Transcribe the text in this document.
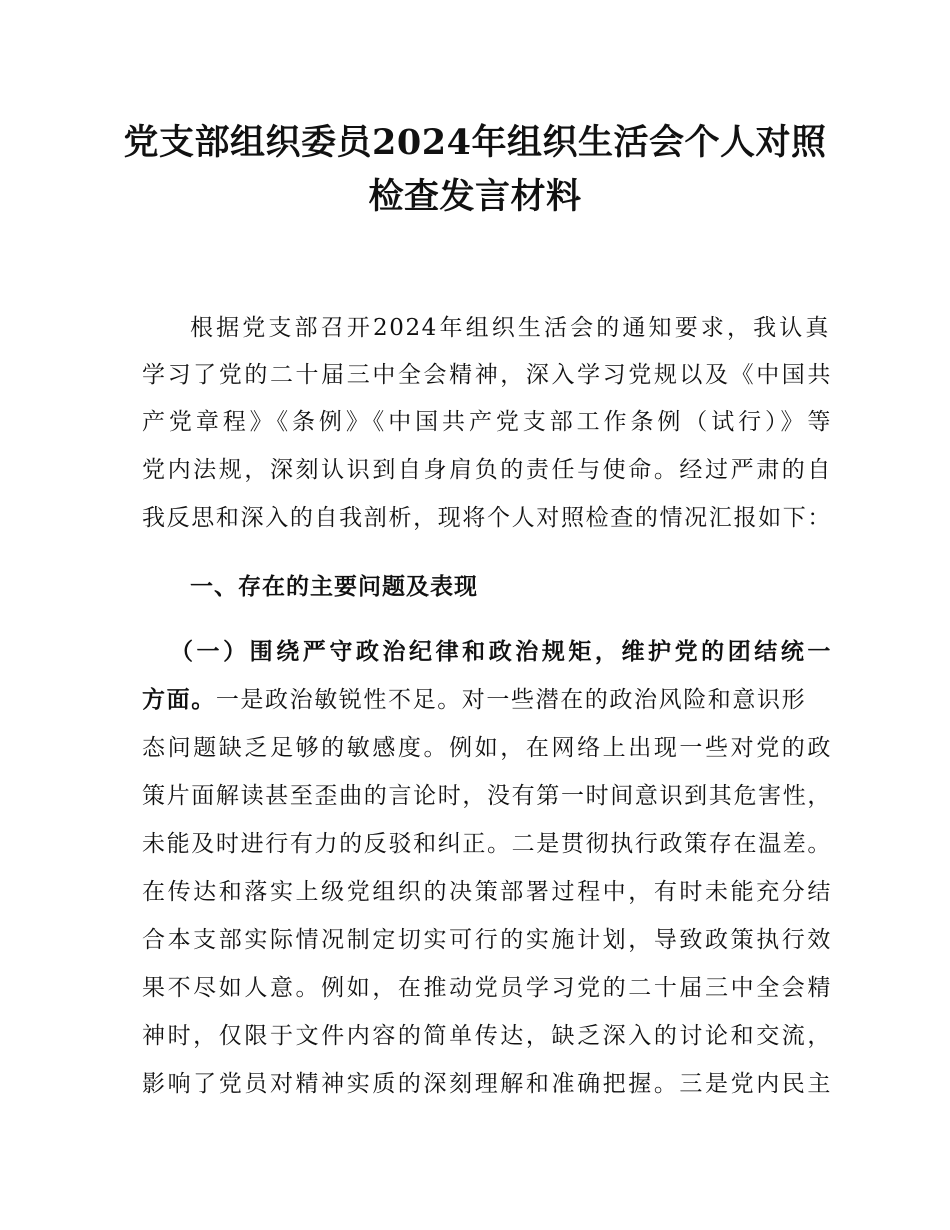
党支部组织委员2024年组织生活会个人对照
检查发言材料
根据党支部召开2024年组织生活会的通知要求，我认真
学习了党的二十届三中全会精神，深入学习党规以及《中国共
产党章程》《条例》《中国共产党支部工作条例（试行）》等
党内法规，深刻认识到自身肩负的责任与使命。经过严肃的自
我反思和深入的自我剖析，现将个人对照检查的情况汇报如下：
一、存在的主要问题及表现
（一）围绕严守政治纪律和政治规矩，维护党的团结统一
方面。一是政治敏锐性不足。对一些潜在的政治风险和意识形
态问题缺乏足够的敏感度。例如，在网络上出现一些对党的政
策片面解读甚至歪曲的言论时，没有第一时间意识到其危害性，
未能及时进行有力的反驳和纠正。二是贯彻执行政策存在温差。
在传达和落实上级党组织的决策部署过程中，有时未能充分结
合本支部实际情况制定切实可行的实施计划，导致政策执行效
果不尽如人意。例如，在推动党员学习党的二十届三中全会精
神时，仅限于文件内容的简单传达，缺乏深入的讨论和交流，
影响了党员对精神实质的深刻理解和准确把握。三是党内民主
